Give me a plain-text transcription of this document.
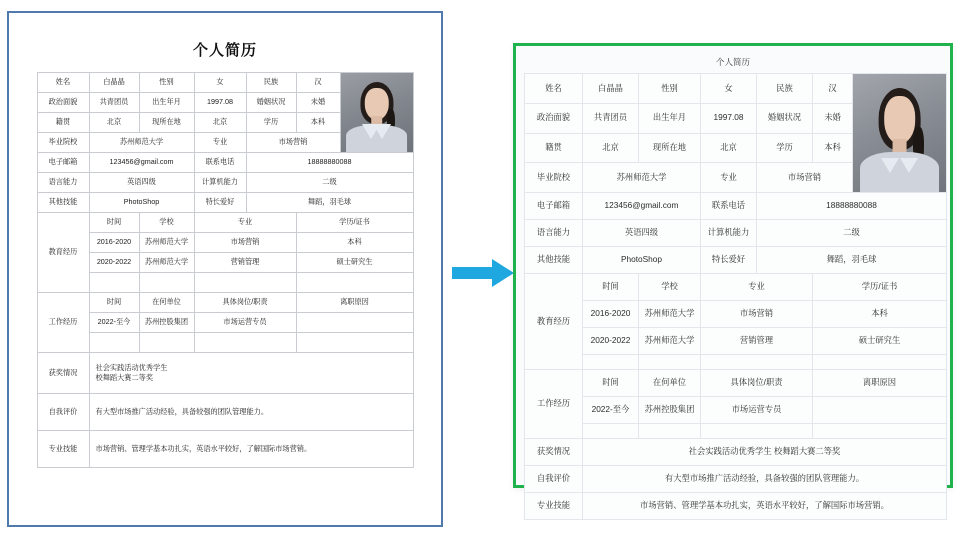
个人简历
姓名	白晶晶	性别	女	民族	汉	

政治面貌	共青团员	出生年月	1997.08	婚姻状况	未婚	
籍贯	北京	现所在地	北京	学历	本科	
毕业院校	苏州师范大学		专业	市场营销		
电子邮箱	123456@gmail.com		联系电话	18888880088		
语言能力	英语四级		计算机能力	二级		
其他技能	PhotoShop		特长爱好	舞蹈，羽毛球		
教育经历	时间	学校	专业		学历/证书	
	2016-2020	苏州师范大学	市场营销		本科	
	2020-2022	苏州师范大学	营销管理		硕士研究生	

工作经历	时间	在何单位	具体岗位/职责		离职原因	
	2022-至今	苏州控股集团	市场运营专员			

获奖情况	社会实践活动优秀学生
校舞蹈大赛二等奖					

自我评价	有大型市场推广活动经验，具备较强的团队管理能力。					
专业技能	市场营销、管理学基本功扎实，英语水平较好，了解国际市场营销。					
个人简历
姓名	白晶晶	性别	女	民族	汉	

政治面貌	共青团员	出生年月	1997.08	婚姻状况	未婚	
籍贯	北京	现所在地	北京	学历	本科	
毕业院校	苏州师范大学		专业	市场营销		
电子邮箱	123456@gmail.com		联系电话	18888880088		
语言能力	英语四级		计算机能力	二级		
其他技能	PhotoShop		特长爱好	舞蹈，羽毛球		
教育经历	时间	学校	专业		学历/证书	
	2016-2020	苏州师范大学	市场营销		本科	
	2020-2022	苏州师范大学	营销管理		硕士研究生	

工作经历	时间	在何单位	具体岗位/职责		离职原因	
	2022-至今	苏州控股集团	市场运营专员			

获奖情况	社会实践活动优秀学生 校舞蹈大赛二等奖					
自我评价	有大型市场推广活动经验，具备较强的团队管理能力。					
专业技能	市场营销、管理学基本功扎实，英语水平较好，了解国际市场营销。					
